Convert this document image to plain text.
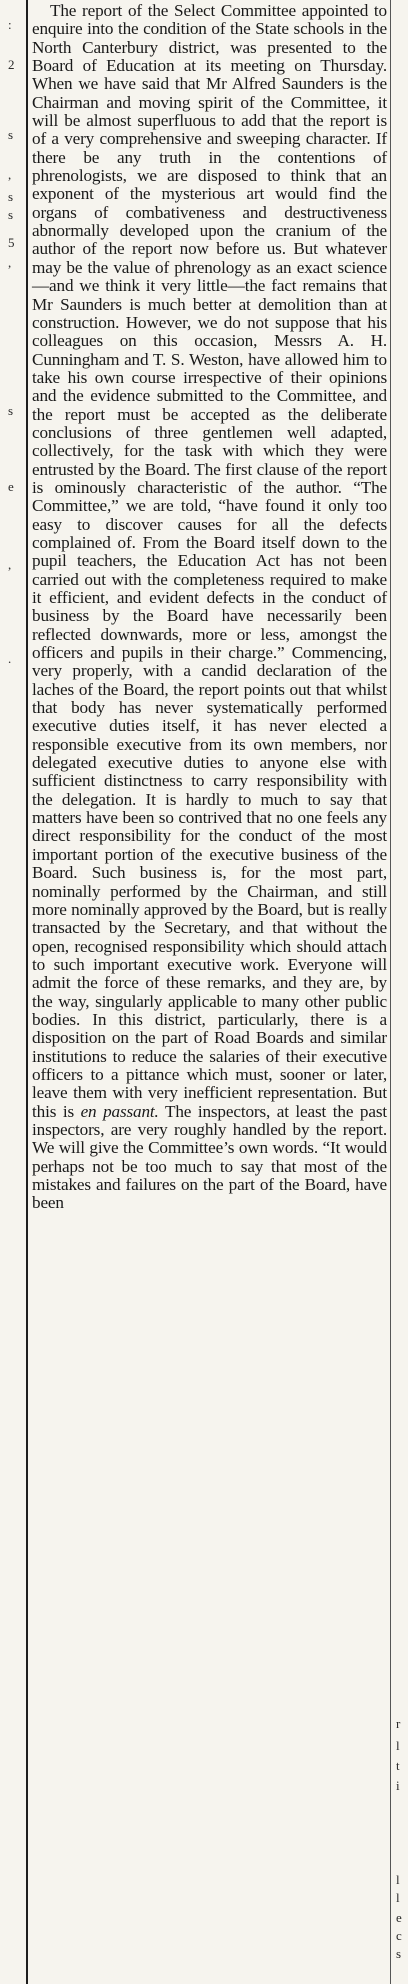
:
2
s
,
s
s
5
,
s
e
,
.
l
l
e
c
s
r
l
t
i

The report of the Select Committee appointed to enquire into the condition of the State schools in the North Canterbury district, was presented to the Board of Education at its meeting on Thursday. When we have said that Mr Alfred Saunders is the Chairman and moving spirit of the Committee, it will be almost superfluous to add that the report is of a very comprehensive and sweeping character. If there be any truth in the contentions of phrenologists, we are disposed to think that an exponent of the mysterious art would find the organs of combativeness and destructiveness abnormally developed upon the cranium of the author of the report now before us. But whatever may be the value of phrenology as an exact science—and we think it very little—the fact remains that Mr Saunders is much better at demolition than at construction. However, we do not suppose that his colleagues on this occasion, Messrs A. H. Cunningham and T. S. Weston, have allowed him to take his own course irrespective of their opinions and the evidence submitted to the Committee, and the report must be accepted as the deliberate conclusions of three gentlemen well adapted, collectively, for the task with which they were entrusted by the Board. The first clause of the report is ominously characteristic of the author. “The Committee,” we are told, “have found it only too easy to discover causes for all the defects complained of. From the Board itself down to the pupil teachers, the Education Act has not been carried out with the completeness required to make it efficient, and evident defects in the conduct of business by the Board have necessarily been reflected downwards, more or less, amongst the officers and pupils in their charge.” Commencing, very properly, with a candid declaration of the laches of the Board, the report points out that whilst that body has never systematically performed executive duties itself, it has never elected a responsible executive from its own members, nor delegated executive duties to anyone else with sufficient distinctness to carry responsibility with the delegation. It is hardly to much to say that matters have been so contrived that no one feels any direct responsibility for the conduct of the most important portion of the executive business of the Board. Such business is, for the most part, nominally performed by the Chairman, and still more nominally approved by the Board, but is really transacted by the Secretary, and that without the open, recognised responsibility which should attach to such important executive work. Everyone will admit the force of these remarks, and they are, by the way, singularly applicable to many other public bodies. In this district, particularly, there is a disposition on the part of Road Boards and similar institutions to reduce the salaries of their executive officers to a pittance which must, sooner or later, leave them with very inefficient representation. But this is en passant. The inspectors, at least the past inspectors, are very roughly handled by the report. We will give the Committee’s own words. “It would perhaps not be too much to say that most of the mistakes and failures on the part of the Board, have been
